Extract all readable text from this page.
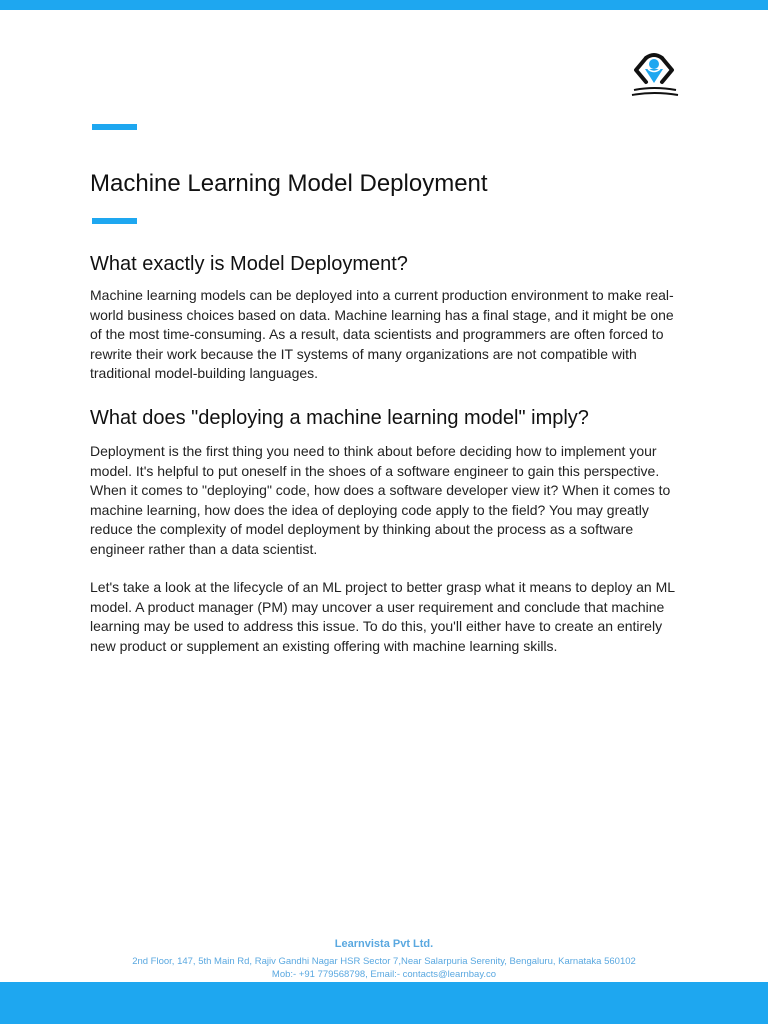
Machine Learning Model Deployment
What exactly is Model Deployment?

Machine learning models can be deployed into a current production environment to make real-world business choices based on data. Machine learning has a final stage, and it might be one of the most time-consuming. As a result, data scientists and programmers are often forced to rewrite their work because the IT systems of many organizations are not compatible with traditional model-building languages.

What does "deploying a machine learning model" imply?

Deployment is the first thing you need to think about before deciding how to implement your model. It's helpful to put oneself in the shoes of a software engineer to gain this perspective. When it comes to "deploying" code, how does a software developer view it? When it comes to machine learning, how does the idea of deploying code apply to the field? You may greatly reduce the complexity of model deployment by thinking about the process as a software engineer rather than a data scientist.

Let's take a look at the lifecycle of an ML project to better grasp what it means to deploy an ML model. A product manager (PM) may uncover a user requirement and conclude that machine learning may be used to address this issue. To do this, you'll either have to create an entirely new product or supplement an existing offering with machine learning skills.

Learnvista Pvt Ltd.
2nd Floor, 147, 5th Main Rd, Rajiv Gandhi Nagar HSR Sector 7,Near Salarpuria Serenity, Bengaluru, Karnataka 560102
Mob:- +91 779568798, Email:- contacts@learnbay.co
